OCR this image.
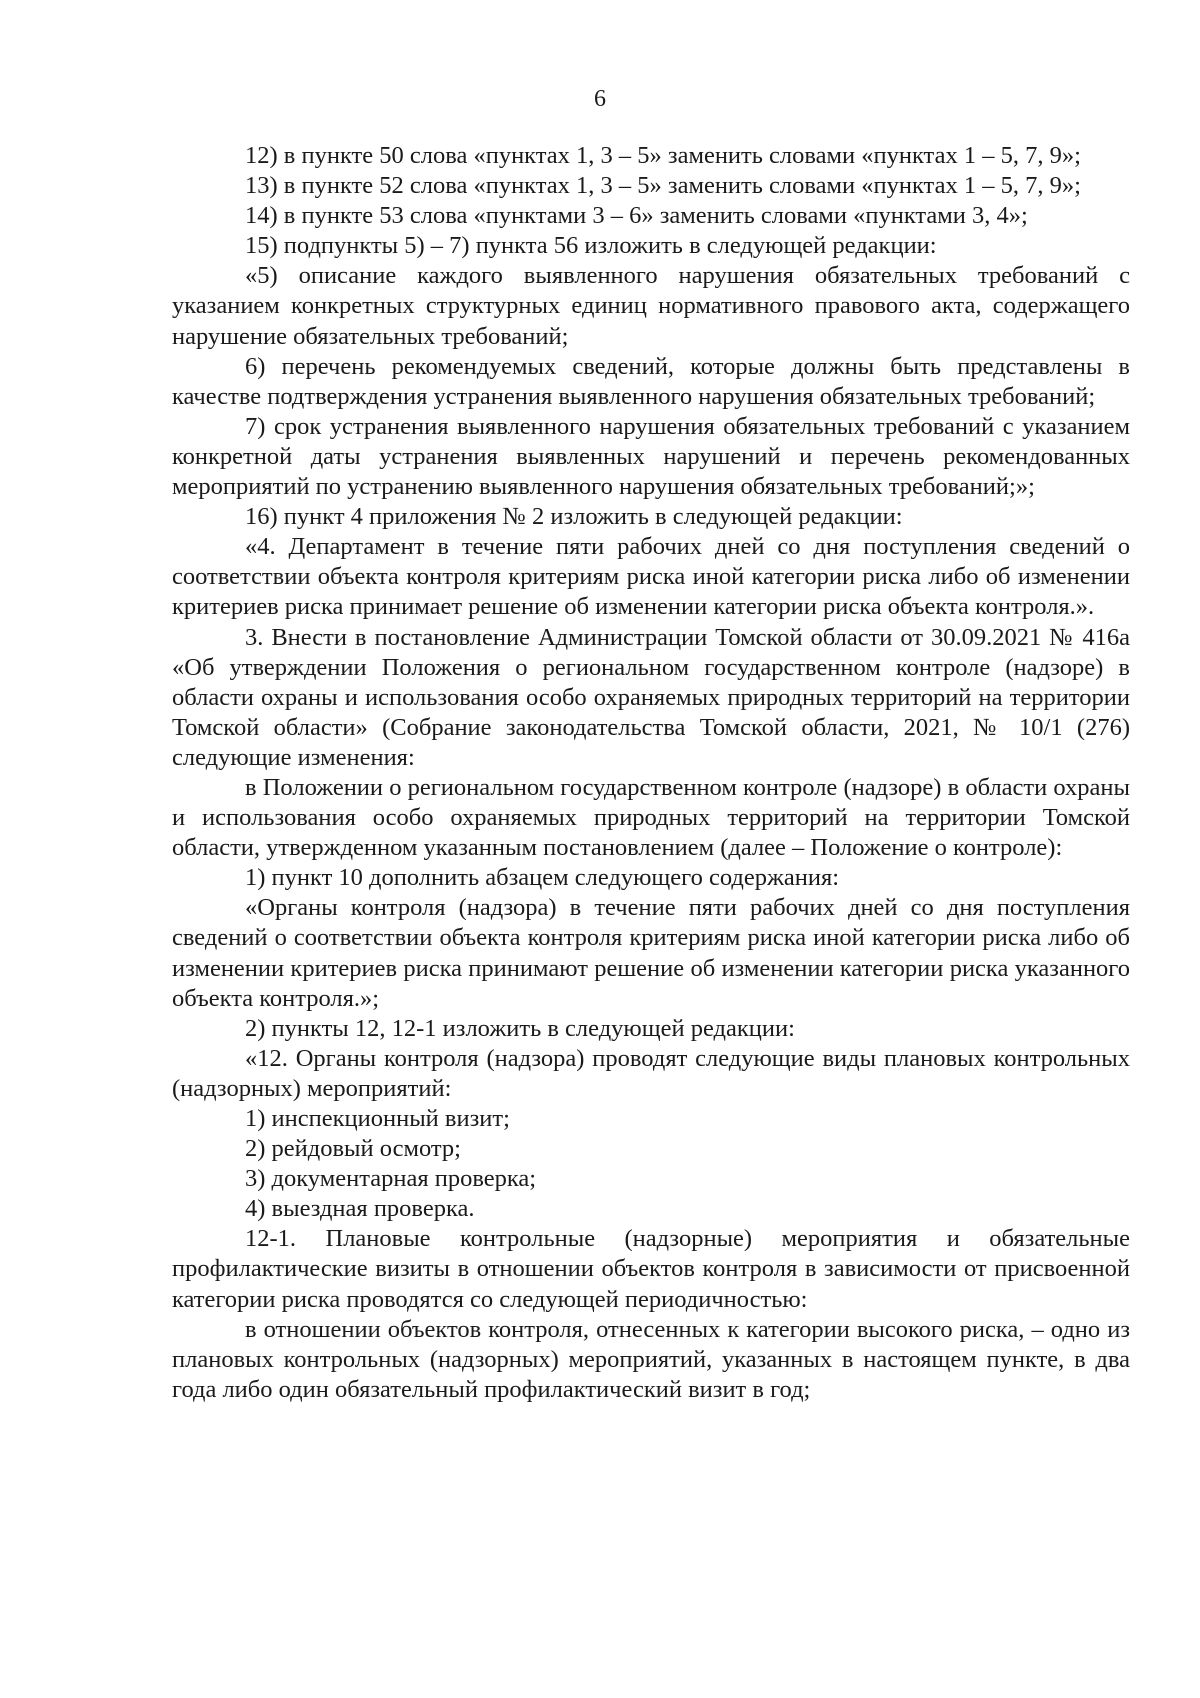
6

12) в пункте 50 слова «пунктах 1, 3 – 5» заменить словами «пунктах 1 – 5, 7, 9»;

13) в пункте 52 слова «пунктах 1, 3 – 5» заменить словами «пунктах 1 – 5, 7, 9»;

14) в пункте 53 слова «пунктами 3 – 6» заменить словами «пунктами 3, 4»;

15) подпункты 5) – 7) пункта 56 изложить в следующей редакции:

«5) описание каждого выявленного нарушения обязательных требований с указанием конкретных структурных единиц нормативного правового акта, содержащего нарушение обязательных требований;

6) перечень рекомендуемых сведений, которые должны быть представлены в качестве подтверждения устранения выявленного нарушения обязательных требований;

7) срок устранения выявленного нарушения обязательных требований с указанием конкретной даты устранения выявленных нарушений и перечень рекомендованных мероприятий по устранению выявленного нарушения обязательных требований;»;

16) пункт 4 приложения № 2 изложить в следующей редакции:

«4. Департамент в течение пяти рабочих дней со дня поступления сведений о соответствии объекта контроля критериям риска иной категории риска либо об изменении критериев риска принимает решение об изменении категории риска объекта контроля.».

3. Внести в постановление Администрации Томской области от 30.09.2021 № 416а «Об утверждении Положения о региональном государственном контроле (надзоре) в области охраны и использования особо охраняемых природных территорий на территории Томской области» (Собрание законодательства Томской области, 2021, № 10/1 (276) следующие изменения:

в Положении о региональном государственном контроле (надзоре) в области охраны и использования особо охраняемых природных территорий на территории Томской области, утвержденном указанным постановлением (далее – Положение о контроле):

1) пункт 10 дополнить абзацем следующего содержания:

«Органы контроля (надзора) в течение пяти рабочих дней со дня поступления сведений о соответствии объекта контроля критериям риска иной категории риска либо об изменении критериев риска принимают решение об изменении категории риска указанного объекта контроля.»;

2) пункты 12, 12-1 изложить в следующей редакции:

«12. Органы контроля (надзора) проводят следующие виды плановых контрольных (надзорных) мероприятий:

1) инспекционный визит;

2) рейдовый осмотр;

3) документарная проверка;

4) выездная проверка.

12-1. Плановые контрольные (надзорные) мероприятия и обязательные профилактические визиты в отношении объектов контроля в зависимости от присвоенной категории риска проводятся со следующей периодичностью:

в отношении объектов контроля, отнесенных к категории высокого риска, – одно из плановых контрольных (надзорных) мероприятий, указанных в настоящем пункте, в два года либо один обязательный профилактический визит в год;
